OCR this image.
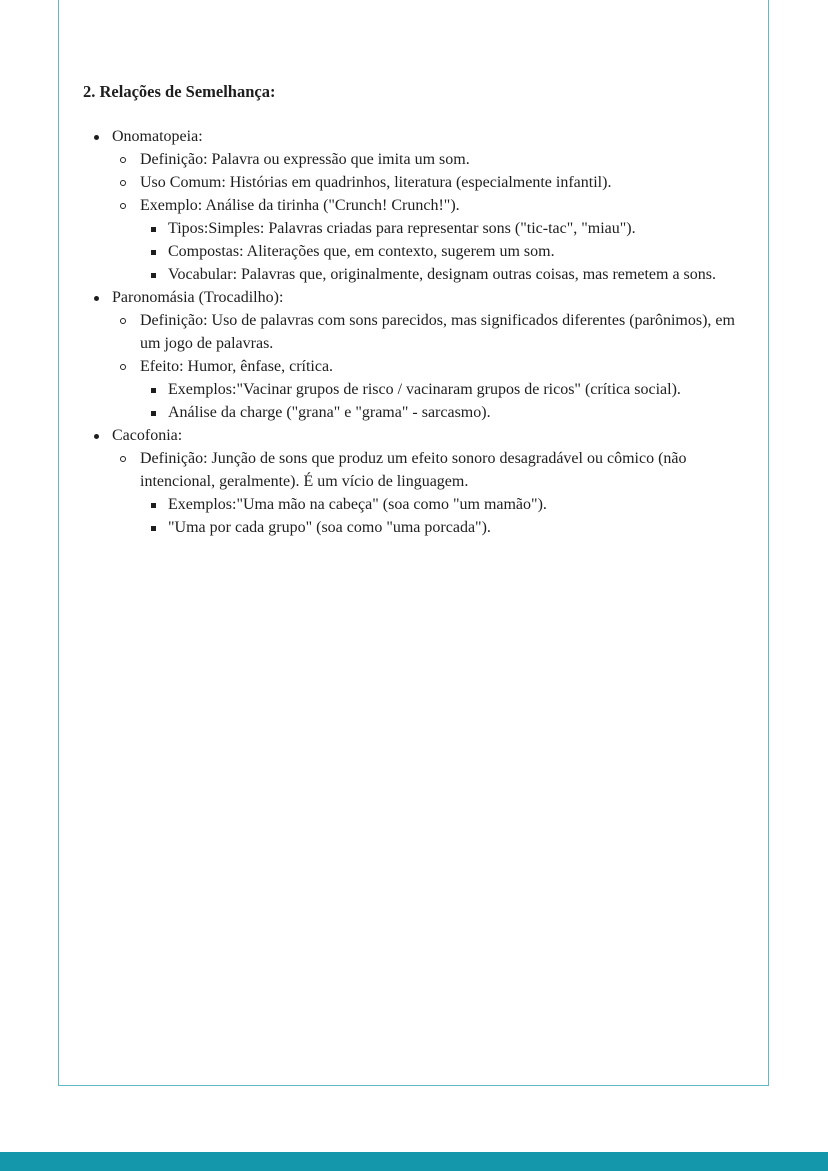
2. Relações de Semelhança:
Onomatopeia:
Definição: Palavra ou expressão que imita um som.
Uso Comum: Histórias em quadrinhos, literatura (especialmente infantil).
Exemplo: Análise da tirinha ("Crunch! Crunch!").
Tipos:Simples: Palavras criadas para representar sons ("tic-tac", "miau").
Compostas: Aliterações que, em contexto, sugerem um som.
Vocabular: Palavras que, originalmente, designam outras coisas, mas remetem a sons.
Paronomásia (Trocadilho):
Definição: Uso de palavras com sons parecidos, mas significados diferentes (parônimos), em um jogo de palavras.
Efeito: Humor, ênfase, crítica.
Exemplos:"Vacinar grupos de risco / vacinaram grupos de ricos" (crítica social).
Análise da charge ("grana" e "grama" - sarcasmo).
Cacofonia:
Definição: Junção de sons que produz um efeito sonoro desagradável ou cômico (não intencional, geralmente). É um vício de linguagem.
Exemplos:"Uma mão na cabeça" (soa como "um mamão").
"Uma por cada grupo" (soa como "uma porcada").
